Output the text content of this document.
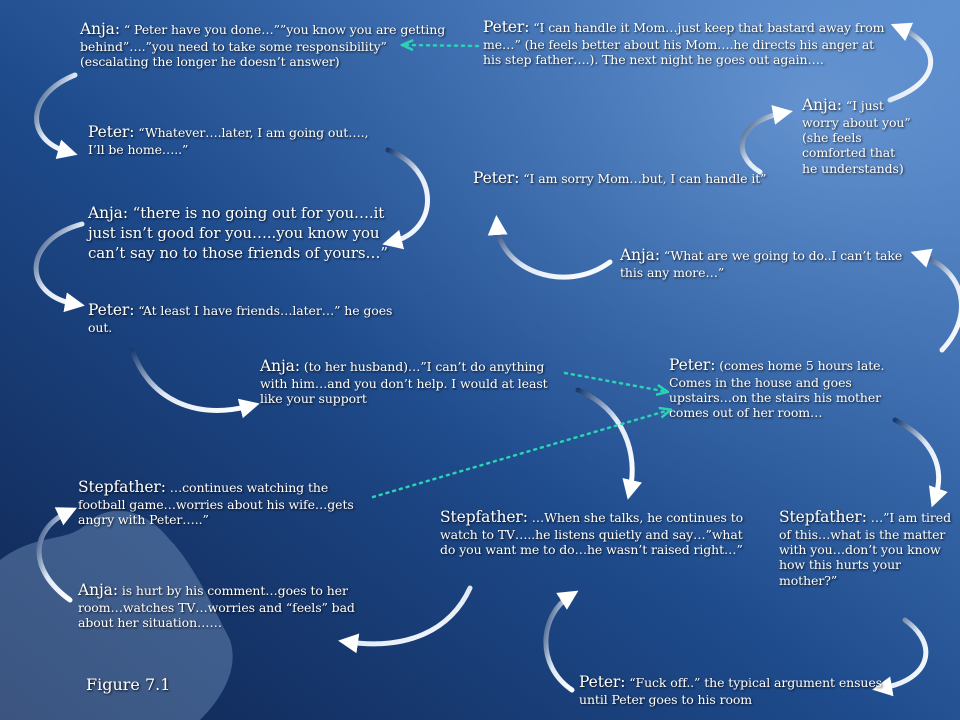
Anja: “ Peter have you done…””you know you are getting behind”….”you need to take some responsibility” (escalating the longer he doesn’t answer)
Peter: “Whatever….later, I am going out…., I’ll be home…..”
Anja: “there is no going out for you….it just isn’t good for you…..you know you can’t say no to those friends of yours…”
Peter: “At least I have friends…later…” he goes out.
Anja: (to her husband)…”I can’t do anything with him…and you don’t help. I would at least like your support
Stepfather: …continues watching the football game…worries about his wife…gets angry with Peter…..”
Anja: is hurt by his comment…goes to her room…watches TV…worries and “feels” bad about her situation……
Peter: “I can handle it Mom…just keep that bastard away from me…” (he feels better about his Mom….he directs his anger at his step father….). The next night he goes out again….
Anja: “I just worry about you” (she feels comforted that he understands)
Peter: “I am sorry Mom…but, I can handle it”
Anja: “What are we going to do..I can’t take this any more…”
Peter: (comes home 5 hours late. Comes in the house and goes upstairs…on the stairs his mother comes out of her room…
Stepfather: …When she talks, he continues to watch to TV…..he listens quietly and say…”what do you want me to do…he wasn’t raised right…”
Stepfather: …”I am tired of this…what is the matter with you…don’t you know how this hurts your mother?”
Peter: “Fuck off..” the typical argument ensues until Peter goes to his room
Figure 7.1
